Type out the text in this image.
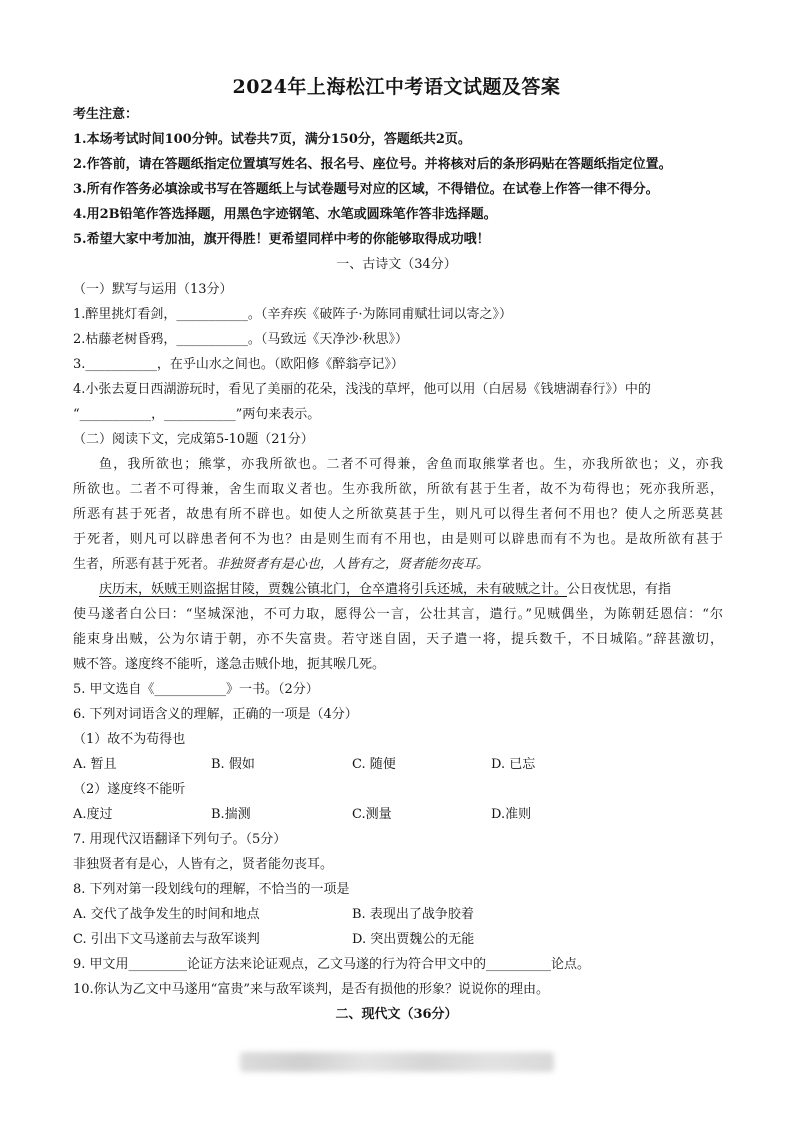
2024年上海松江中考语文试题及答案
考生注意：
1.本场考试时间100分钟。试卷共7页，满分150分，答题纸共2页。
2.作答前，请在答题纸指定位置填写姓名、报名号、座位号。并将核对后的条形码贴在答题纸指定位置。
3.所有作答务必填涂或书写在答题纸上与试卷题号对应的区域，不得错位。在试卷上作答一律不得分。
4.用2B铅笔作答选择题，用黑色字迹钢笔、水笔或圆珠笔作答非选择题。
5.希望大家中考加油，旗开得胜！更希望同样中考的你能够取得成功哦！
一、古诗文（34分）
（一）默写与运用（13分）
1.醉里挑灯看剑，___________。（辛弃疾《破阵子·为陈同甫赋壮词以寄之》）
2.枯藤老树昏鸦，___________。（马致远《天净沙·秋思》）
3.___________，在乎山水之间也。（欧阳修《醉翁亭记》）
4.小张去夏日西湖游玩时，看见了美丽的花朵，浅浅的草坪，他可以用（白居易《钱塘湖春行》）中的
“___________，___________”两句来表示。
（二）阅读下文，完成第5-10题（21分）
鱼，我所欲也；熊掌，亦我所欲也。二者不可得兼，舍鱼而取熊掌者也。生，亦我所欲也；义，亦我
所欲也。二者不可得兼，舍生而取义者也。生亦我所欲，所欲有甚于生者，故不为苟得也；死亦我所恶，
所恶有甚于死者，故患有所不辟也。如使人之所欲莫甚于生，则凡可以得生者何不用也？使人之所恶莫甚
于死者，则凡可以辟患者何不为也？由是则生而有不用也，由是则可以辟患而有不为也。是故所欲有甚于
生者，所恶有甚于死者。非独贤者有是心也，人皆有之，贤者能勿丧耳。
庆历末，妖贼王则盗据甘陵，贾魏公镇北门，仓卒遣将引兵还城，未有破贼之计。公日夜忧思，有指
使马遂者白公曰：“坚城深池，不可力取，愿得公一言，公壮其言，遣行。”见贼偶坐，为陈朝廷恩信：“尔
能束身出贼，公为尔请于朝，亦不失富贵。若守迷自固，天子遣一将，提兵数千，不日城陷。”辞甚激切，
贼不答。遂度终不能听，遂急击贼仆地，扼其喉几死。
5. 甲文选自《___________》一书。（2分）
6. 下列对词语含义的理解，正确的一项是（4分）
（1）故不为苟得也
A. 暂且	B. 假如	C. 随便	D. 已忘
（2）遂度终不能听
A.度过	B.揣测	C.测量	D.准则
7. 用现代汉语翻译下列句子。（5分）
非独贤者有是心，人皆有之，贤者能勿丧耳。
8. 下列对第一段划线句的理解，不恰当的一项是
A. 交代了战争发生的时间和地点	B. 表现出了战争胶着
C. 引出下文马遂前去与敌军谈判	D. 突出贾魏公的无能
9. 甲文用_________论证方法来论证观点，乙文马遂的行为符合甲文中的__________论点。
10.你认为乙文中马遂用“富贵”来与敌军谈判，是否有损他的形象？说说你的理由。
二、现代文（36分）
